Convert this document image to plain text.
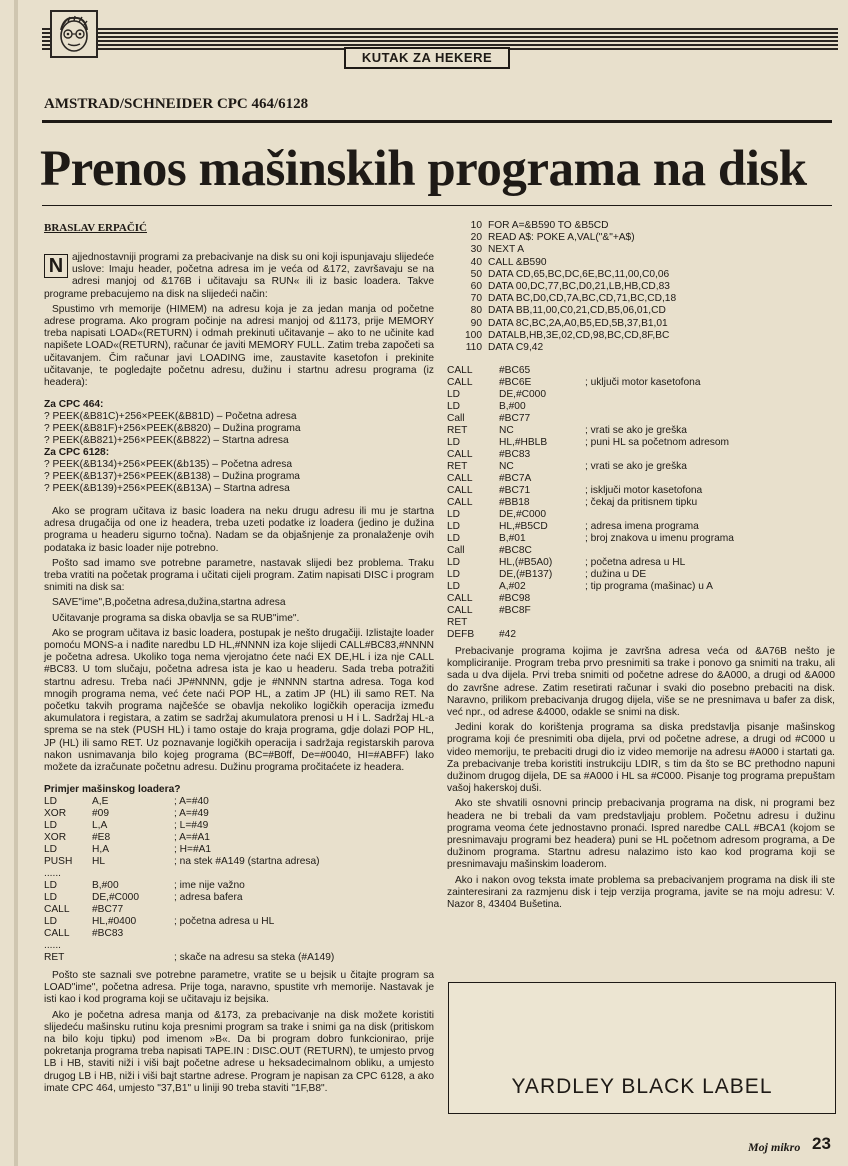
KUTAK ZA HEKERE
AMSTRAD/SCHNEIDER CPC 464/6128
Prenos mašinskih programa na disk
BRASLAV ERPAČIĆ

N ajjednostavniji programi za prebacivanje na disk su oni koji ispunjavaju slijedeće uslove: Imaju header, početna adresa im je veća od &172, završavaju se na adresi manjoj od &176B i učitavaju sa RUN« ili iz basic loadera. Takve programe prebacujemo na disk na slijedeći način:

Spustimo vrh memorije (HIMEM) na adresu koja je za jedan manja od početne adrese programa. Ako program počinje na adresi manjoj od &1173, prije MEMORY treba napisati LOAD«(RETURN) i odmah prekinuti učitavanje – ako to ne učinite kad napišete LOAD«(RETURN), računar će javiti MEMORY FULL. Zatim treba započeti sa učitavanjem. Čim računar javi LOADING ime, zaustavite kasetofon i prekinite učitavanje, te pogledajte početnu adresu, dužinu i startnu adresu programa (iz headera):

Za CPC 464:
? PEEK(&B81C)+256×PEEK(&B81D) – Početna adresa
? PEEK(&B81F)+256×PEEK(&B820) – Dužina programa
? PEEK(&B821)+256×PEEK(&B822) – Startna adresa
Za CPC 6128:
? PEEK(&B134)+256×PEEK(&b135) – Početna adresa
? PEEK(&B137)+256×PEEK(&B138) – Dužina programa
? PEEK(&B139)+256×PEEK(&B13A) – Startna adresa

Ako se program učitava iz basic loadera na neku drugu adresu ili mu je startna adresa drugačija od one iz headera, treba uzeti podatke iz loadera (jedino je dužina programa u headeru sigurno točna). Nadam se da objašnjenje za pronalaženje ovih podataka iz basic loader nije potrebno.

Pošto sad imamo sve potrebne parametre, nastavak slijedi bez problema. Traku treba vratiti na početak programa i učitati cijeli program. Zatim napisati DISC i program snimiti na disk sa:

SAVE"ime",B,početna adresa,dužina,startna adresa

Učitavanje programa sa diska obavlja se sa RUB"ime".

Ako se program učitava iz basic loadera, postupak je nešto drugačiji. Izlistajte loader pomoću MONS-a i nađite naredbu LD HL,#NNNN iza koje slijedi CALL#BC83,#NNNN je početna adresa. Ukoliko toga nema vjerojatno ćete naći EX DE,HL i iza nje CALL #BC83. U tom slučaju, početna adresa ista je kao u headeru. Sada treba potražiti startnu adresu. Treba naći JP#NNNN, gdje je #NNNN startna adresa. Toga kod mnogih programa nema, već ćete naći POP HL, a zatim JP (HL) ili samo RET. Na početku takvih programa najčešće se obavlja nekoliko logičkih operacija između akumulatora i registara, a zatim se sadržaj akumulatora prenosi u H i L. Sadržaj HL-a sprema se na stek (PUSH HL) i tamo ostaje do kraja programa, gdje dolazi POP HL, JP (HL) ili samo RET. Uz poznavanje logičkih operacija i sadržaja registarskih parova nakon usnimavanja bilo kojeg programa (BC=#B0ff, De=#0040, HI=#ABFF) lako možete da izračunate početnu adresu. Dužinu programa pročitaćete iz headera.

Primjer mašinskog loadera?
LD	A,E	; A=#40
XOR	#09	; A=#49
LD	L,A	; L=#49
XOR	#E8	; A=#A1
LD	H,A	; H=#A1
PUSH	HL	; na stek #A149 (startna adresa)
......
LD	B,#00	; ime nije važno
LD	DE,#C000	; adresa bafera
CALL	#BC77
LD	HL,#0400	; početna adresa u HL
CALL	#BC83
......
RET	; skače na adresu sa steka (#A149)

Pošto ste saznali sve potrebne parametre, vratite se u bejsik u čitajte program sa LOAD"ime", početna adresa. Prije toga, naravno, spustite vrh memorije. Nastavak je isti kao i kod programa koji se učitavaju iz bejsika.

Ako je početna adresa manja od &173, za prebacivanje na disk možete koristiti slijedeću mašinsku rutinu koja presnimi program sa trake i snimi ga na disk (pritiskom na bilo koju tipku) pod imenom »B«. Da bi program dobro funkcionirao, prije pokretanja programa treba napisati TAPE.IN : DISC.OUT (RETURN), te umjesto prvog LB i HB, staviti niži i viši bajt početne adrese u heksadecimalnom obliku, a umjesto drugog LB i HB, niži i viši bajt startne adrese. Program je napisan za CPC 6128, a ako imate CPC 464, umjesto "37,B1" u liniji 90 treba staviti "1F,B8".

10 FOR A=&B590 TO &B5CD
20 READ A$: POKE A,VAL("&"+A$)
30 NEXT A
40 CALL &B590
50 DATA CD,65,BC,DC,6E,BC,11,00,C0,06
60 DATA 00,DC,77,BC,D0,21,LB,HB,CD,83
70 DATA BC,D0,CD,7A,BC,CD,71,BC,CD,18
80 DATA BB,11,00,C0,21,CD,B5,06,01,CD
90 DATA 8C,BC,2A,A0,B5,ED,5B,37,B1,01
100 DATALB,HB,3E,02,CD,98,BC,CD,8F,BC
110 DATA C9,42
CALL	#BC65
CALL	#BC6E	; uključi motor kasetofona
LD	DE,#C000
LD	B,#00
Call	#BC77
RET	NC	; vrati se ako je greška
LD	HL,#HBLB	; puni HL sa početnom adresom
CALL	#BC83
RET	NC	; vrati se ako je greška
CALL	#BC7A
CALL	#BC71	; isključi motor kasetofona
CALL	#BB18	; čekaj da pritisnem tipku
LD	DE,#C000
LD	HL,#B5CD	; adresa imena programa
LD	B,#01	; broj znakova u imenu programa
Call	#BC8C
LD	HL,(#B5A0)	; početna adresa u HL
LD	DE,(#B137)	; dužina u DE
LD	A,#02	; tip programa (mašinac) u A
CALL	#BC98
CALL	#BC8F
RET
DEFB	#42

Prebacivanje programa kojima je završna adresa veća od &A76B nešto je kompliciranije. Program treba prvo presnimiti sa trake i ponovo ga snimiti na traku, ali sada u dva dijela. Prvi treba snimiti od početne adrese do &A000, a drugi od &A000 do završne adrese. Zatim resetirati računar i svaki dio posebno prebaciti na disk. Naravno, prilikom prebacivanja drugog dijela, više se ne presnimava u bafer za disk, već npr., od adrese &4000, odakle se snimi na disk.

Jedini korak do korištenja programa sa diska predstavlja pisanje mašinskog programa koji će presnimiti oba dijela, prvi od početne adrese, a drugi od #C000 u video memoriju, te prebaciti drugi dio iz video memorije na adresu #A000 i startati ga. Za prebacivanje treba koristiti instrukciju LDIR, s tim da što se BC prethodno napuni dužinom drugog dijela, DE sa #A000 i HL sa #C000. Pisanje tog programa prepuštam vašoj hakerskoj duši.

Ako ste shvatili osnovni princip prebacivanja programa na disk, ni programi bez headera ne bi trebali da vam predstavljaju problem. Početnu adresu i dužinu programa veoma ćete jednostavno pronaći. Ispred naredbe CALL #BCA1 (kojom se presnimavaju programi bez headera) puni se HL početnom adresom programa, a De dužinom programa. Startnu adresu nalazimo isto kao kod programa koji se presnimavaju mašinskim loaderom.

Ako i nakon ovog teksta imate problema sa prebacivanjem programa na disk ili ste zainteresirani za razmjenu disk i tejp verzija programa, javite se na moju adresu: V. Nazor 8, 43404 Bušetina.

YARDLEY BLACK LABEL
Moj mikro 23
